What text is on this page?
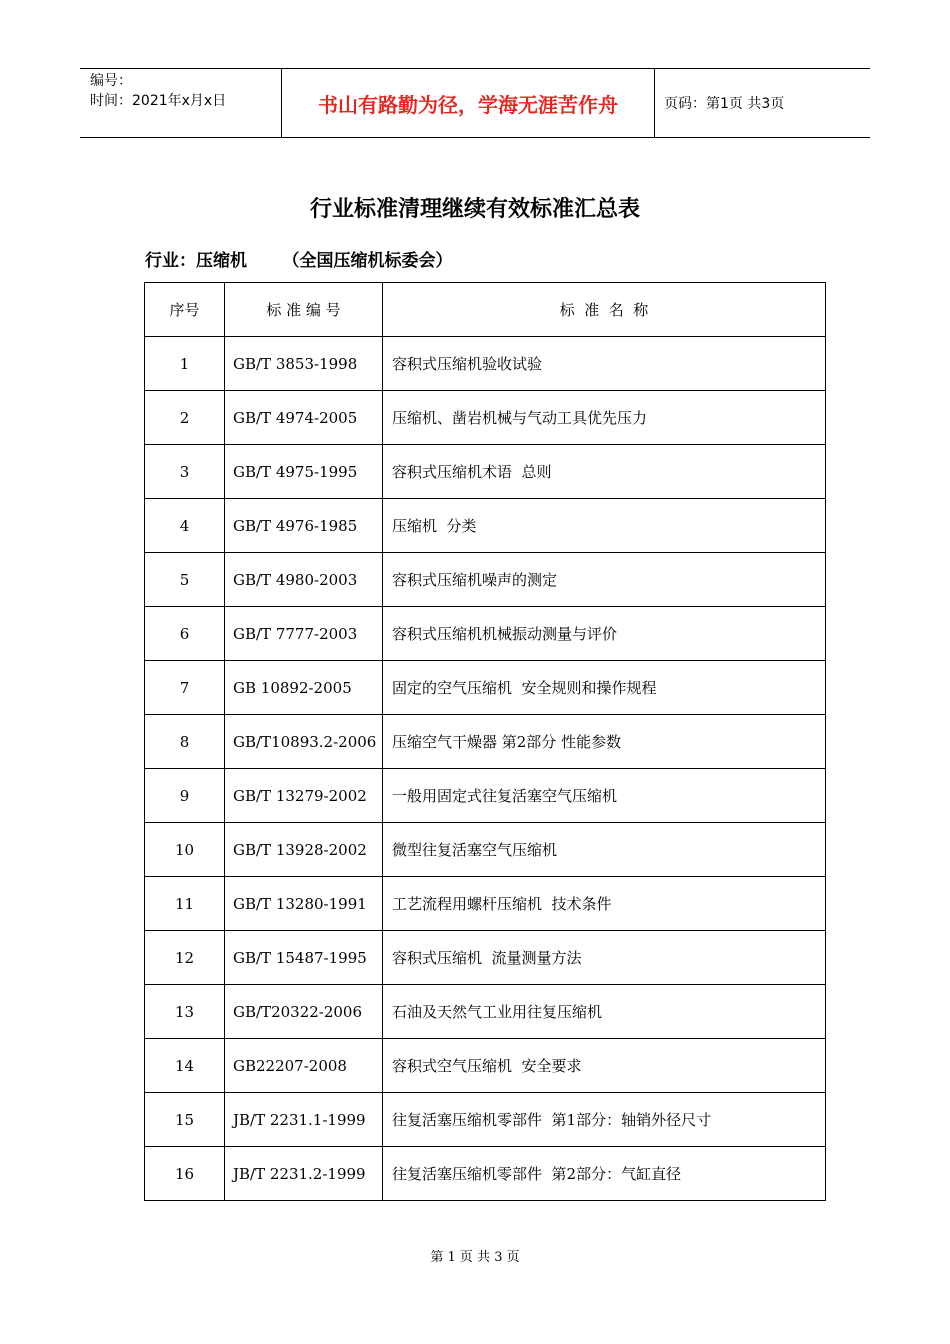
编号：
时间：2021年x月x日	书山有路勤为径，学海无涯苦作舟	页码：第1页 共3页
行业标准清理继续有效标准汇总表
行业：压缩机      （全国压缩机标委会）
序号	标 准 编 号	标  准  名  称
1	GB/T 3853-1998	容积式压缩机验收试验
2	GB/T 4974-2005	压缩机、凿岩机械与气动工具优先压力
3	GB/T 4975-1995	容积式压缩机术语  总则
4	GB/T 4976-1985	压缩机  分类
5	GB/T 4980-2003	容积式压缩机噪声的测定
6	GB/T 7777-2003	容积式压缩机机械振动测量与评价
7	GB 10892-2005	固定的空气压缩机  安全规则和操作规程
8	GB/T10893.2-2006	压缩空气干燥器 第2部分 性能参数
9	GB/T 13279-2002	一般用固定式往复活塞空气压缩机
10	GB/T 13928-2002	微型往复活塞空气压缩机
11	GB/T 13280-1991	工艺流程用螺杆压缩机  技术条件
12	GB/T 15487-1995	容积式压缩机  流量测量方法
13	GB/T20322-2006	石油及天然气工业用往复压缩机
14	GB22207-2008	容积式空气压缩机  安全要求
15	JB/T 2231.1-1999	往复活塞压缩机零部件  第1部分：轴销外径尺寸
16	JB/T 2231.2-1999	往复活塞压缩机零部件  第2部分：气缸直径
第 1 页 共 3 页
